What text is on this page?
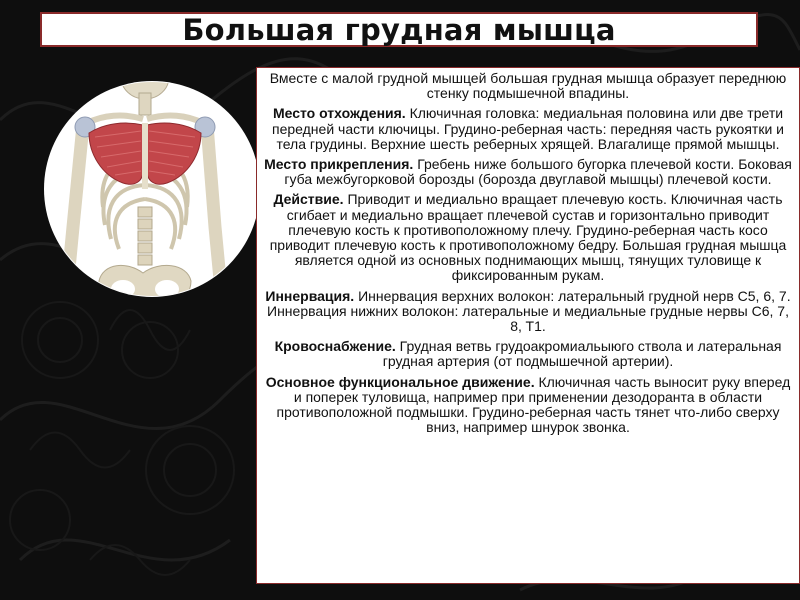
Большая грудная мышца

Вместе с малой грудной мышцей большая грудная мышца образует переднюю стенку подмышечной впадины.

Место отхождения. Ключичная головка: медиальная половина или две трети передней части ключицы. Грудино-реберная часть: передняя часть рукоятки и тела грудины. Верхние шесть реберных хрящей. Влагалище прямой мышцы.

Место прикрепления. Гребень ниже большого бугорка плечевой кости. Боковая губа межбугорковой борозды (борозда двуглавой мышцы) плечевой кости.

Действие. Приводит и медиально вращает плечевую кость. Ключичная часть сгибает и медиально вращает плечевой сустав и горизонтально приводит плечевую кость к противоположному плечу. Грудино-реберная часть косо приводит плечевую кость к противоположному бедру. Большая грудная мышца является одной из основных поднимающих мышц, тянущих туловище к фиксированным рукам.

Иннервация. Иннервация верхних волокон: латеральный грудной нерв C5, 6, 7. Иннервация нижних волокон: латеральные и медиальные грудные нервы C6, 7, 8, T1.

Кровоснабжение. Грудная ветвь грудоакромиальыюго ствола и латеральная грудная артерия (от подмышечной артерии).

Основное функциональное движение. Ключичная часть выносит руку вперед и поперек туловища, например при применении дезодоранта в области противоположной подмышки. Грудино-реберная часть тянет что-либо сверху вниз, например шнурок звонка.
